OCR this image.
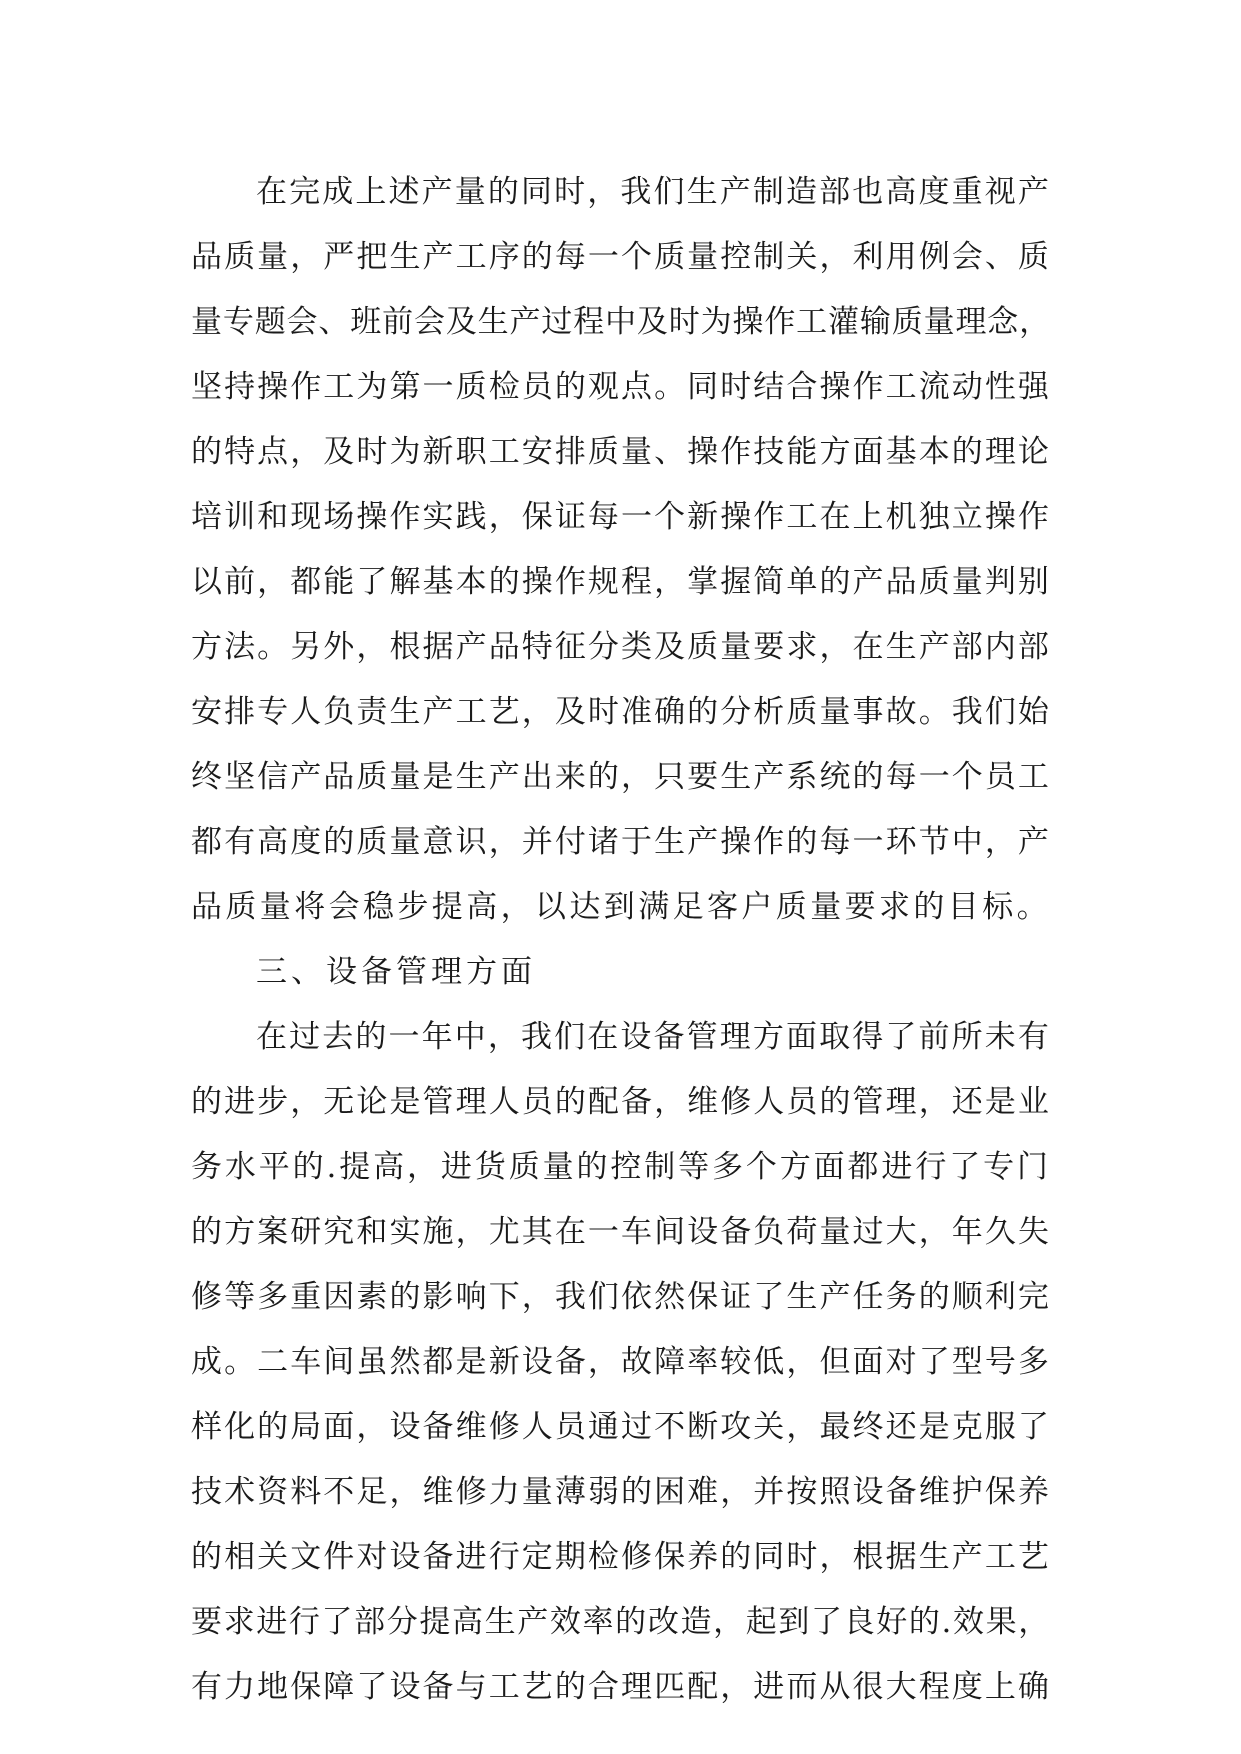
在完成上述产量的同时，我们生产制造部也高度重视产
品质量，严把生产工序的每一个质量控制关，利用例会、质
量专题会、班前会及生产过程中及时为操作工灌输质量理念，
坚持操作工为第一质检员的观点。同时结合操作工流动性强
的特点，及时为新职工安排质量、操作技能方面基本的理论
培训和现场操作实践，保证每一个新操作工在上机独立操作
以前，都能了解基本的操作规程，掌握简单的产品质量判别
方法。另外，根据产品特征分类及质量要求，在生产部内部
安排专人负责生产工艺，及时准确的分析质量事故。我们始
终坚信产品质量是生产出来的，只要生产系统的每一个员工
都有高度的质量意识，并付诸于生产操作的每一环节中，产
品质量将会稳步提高，以达到满足客户质量要求的目标。
三、设备管理方面
在过去的一年中，我们在设备管理方面取得了前所未有
的进步，无论是管理人员的配备，维修人员的管理，还是业
务水平的.提高，进货质量的控制等多个方面都进行了专门
的方案研究和实施，尤其在一车间设备负荷量过大，年久失
修等多重因素的影响下，我们依然保证了生产任务的顺利完
成。二车间虽然都是新设备，故障率较低，但面对了型号多
样化的局面，设备维修人员通过不断攻关，最终还是克服了
技术资料不足，维修力量薄弱的困难，并按照设备维护保养
的相关文件对设备进行定期检修保养的同时，根据生产工艺
要求进行了部分提高生产效率的改造，起到了良好的.效果，
有力地保障了设备与工艺的合理匹配，进而从很大程度上确
